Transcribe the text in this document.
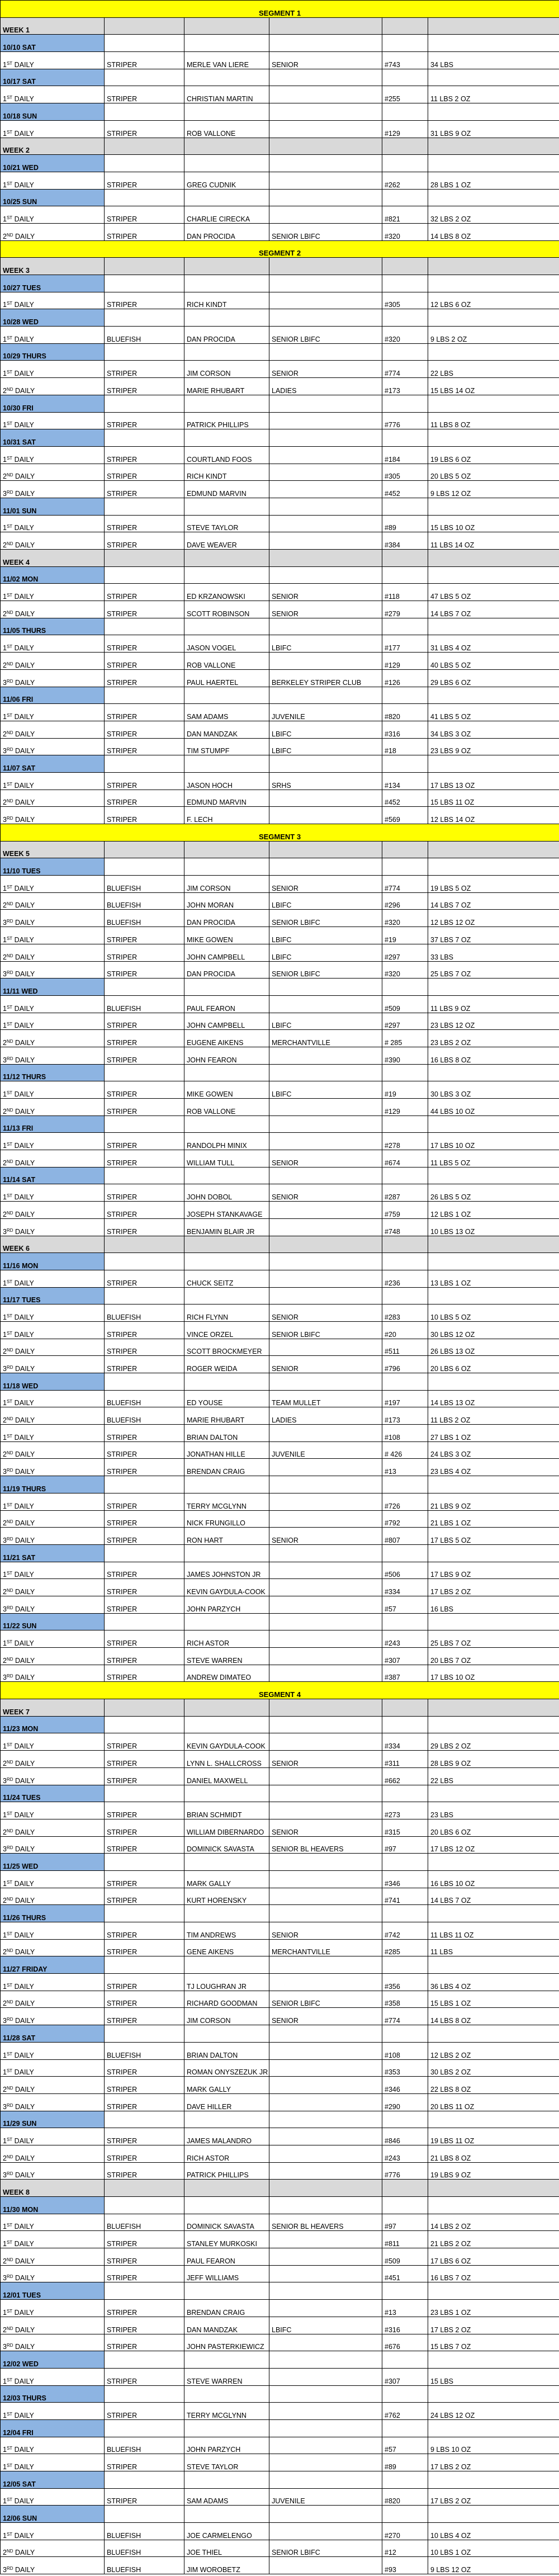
SEGMENT 1					
WEEK 1					
10/10 SAT					
1ST DAILY	STRIPER	MERLE VAN LIERE	SENIOR	#743	34 LBS
10/17 SAT					
1ST DAILY	STRIPER	CHRISTIAN MARTIN		#255	11 LBS 2 OZ
10/18 SUN					
1ST DAILY	STRIPER	ROB VALLONE		#129	31 LBS 9 OZ
WEEK 2					
10/21 WED					
1ST DAILY	STRIPER	GREG CUDNIK		#262	28 LBS 1 OZ
10/25 SUN					
1ST DAILY	STRIPER	CHARLIE CIRECKA		#821	32 LBS 2 OZ
2ND DAILY	STRIPER	DAN PROCIDA	SENIOR LBIFC	#320	14 LBS 8 OZ
SEGMENT 2					
WEEK 3					
10/27 TUES					
1ST DAILY	STRIPER	RICH KINDT		#305	12 LBS 6 OZ
10/28 WED					
1ST DAILY	BLUEFISH	DAN PROCIDA	SENIOR LBIFC	#320	9 LBS 2 OZ
10/29 THURS					
1ST DAILY	STRIPER	JIM CORSON	SENIOR	#774	22 LBS
2ND DAILY	STRIPER	MARIE RHUBART	LADIES	#173	15 LBS 14 OZ
10/30 FRI					
1ST DAILY	STRIPER	PATRICK PHILLIPS		#776	11 LBS 8 OZ
10/31 SAT					
1ST DAILY	STRIPER	COURTLAND FOOS		#184	19 LBS 6 OZ
2ND DAILY	STRIPER	RICH KINDT		#305	20 LBS 5 OZ
3RD DAILY	STRIPER	EDMUND MARVIN		#452	9 LBS 12 OZ
11/01 SUN					
1ST DAILY	STRIPER	STEVE TAYLOR		#89	15 LBS 10 OZ
2ND DAILY	STRIPER	DAVE WEAVER		#384	11 LBS 14 OZ
WEEK 4					
11/02 MON					
1ST DAILY	STRIPER	ED KRZANOWSKI	SENIOR	#118	47 LBS 5 OZ
2ND DAILY	STRIPER	SCOTT ROBINSON	SENIOR	#279	14 LBS 7 OZ
11/05 THURS					
1ST DAILY	STRIPER	JASON VOGEL	LBIFC	#177	31 LBS 4 OZ
2ND DAILY	STRIPER	ROB VALLONE		#129	40 LBS 5 OZ
3RD DAILY	STRIPER	PAUL HAERTEL	BERKELEY STRIPER CLUB	#126	29 LBS 6 OZ
11/06 FRI					
1ST DAILY	STRIPER	SAM ADAMS	JUVENILE	#820	41 LBS 5 OZ
2ND DAILY	STRIPER	DAN MANDZAK	LBIFC	#316	34 LBS 3 OZ
3RD DAILY	STRIPER	TIM STUMPF	LBIFC	#18	23 LBS 9 OZ
11/07 SAT					
1ST DAILY	STRIPER	JASON HOCH	SRHS	#134	17 LBS 13 OZ
2ND DAILY	STRIPER	EDMUND MARVIN		#452	15 LBS 11 OZ
3RD DAILY	STRIPER	F. LECH		#569	12 LBS 14 OZ
SEGMENT 3					
WEEK 5					
11/10 TUES					
1ST DAILY	BLUEFISH	JIM CORSON	SENIOR	#774	19 LBS 5 OZ
2ND DAILY	BLUEFISH	JOHN MORAN	LBIFC	#296	14 LBS 7 OZ
3RD DAILY	BLUEFISH	DAN PROCIDA	SENIOR LBIFC	#320	12 LBS 12 OZ
1ST DAILY	STRIPER	MIKE GOWEN	LBIFC	#19	37 LBS 7 OZ
2ND DAILY	STRIPER	JOHN CAMPBELL	LBIFC	#297	33 LBS
3RD DAILY	STRIPER	DAN PROCIDA	SENIOR LBIFC	#320	25 LBS 7 OZ
11/11 WED					
1ST DAILY	BLUEFISH	PAUL FEARON		#509	11 LBS 9 OZ
1ST DAILY	STRIPER	JOHN CAMPBELL	LBIFC	#297	23 LBS 12 OZ
2ND DAILY	STRIPER	EUGENE AIKENS	MERCHANTVILLE	# 285	23 LBS 2 OZ
3RD DAILY	STRIPER	JOHN FEARON		#390	16 LBS 8 OZ
11/12 THURS					
1ST DAILY	STRIPER	MIKE GOWEN	LBIFC	#19	30 LBS 3 OZ
2ND DAILY	STRIPER	ROB VALLONE		#129	44 LBS 10 OZ
11/13 FRI					
1ST DAILY	STRIPER	RANDOLPH MINIX		#278	17 LBS 10 OZ
2ND DAILY	STRIPER	WILLIAM TULL	SENIOR	#674	11 LBS 5 OZ
11/14 SAT					
1ST DAILY	STRIPER	JOHN DOBOL	SENIOR	#287	26 LBS 5 OZ
2ND DAILY	STRIPER	JOSEPH STANKAVAGE		#759	12 LBS 1 OZ
3RD DAILY	STRIPER	BENJAMIN BLAIR JR		#748	10 LBS 13 OZ
WEEK 6					
11/16 MON					
1ST DAILY	STRIPER	CHUCK SEITZ		#236	13 LBS 1 OZ
11/17 TUES					
1ST DAILY	BLUEFISH	RICH FLYNN	SENIOR	#283	10 LBS 5 OZ
1ST DAILY	STRIPER	VINCE ORZEL	SENIOR LBIFC	#20	30 LBS 12 OZ
2ND DAILY	STRIPER	SCOTT BROCKMEYER		#511	26 LBS 13 OZ
3RD DAILY	STRIPER	ROGER WEIDA	SENIOR	#796	20 LBS 6 OZ
11/18 WED					
1ST DAILY	BLUEFISH	ED YOUSE	TEAM MULLET	#197	14 LBS 13 OZ
2ND DAILY	BLUEFISH	MARIE RHUBART	LADIES	#173	11 LBS 2 OZ
1ST DAILY	STRIPER	BRIAN DALTON		#108	27 LBS 1 OZ
2ND DAILY	STRIPER	JONATHAN HILLE	JUVENILE	# 426	24 LBS 3 OZ
3RD DAILY	STRIPER	BRENDAN CRAIG		#13	23 LBS 4 OZ
11/19 THURS					
1ST DAILY	STRIPER	TERRY MCGLYNN		#726	21 LBS 9 OZ
2ND DAILY	STRIPER	NICK FRUNGILLO		#792	21 LBS 1 OZ
3RD DAILY	STRIPER	RON HART	SENIOR	#807	17 LBS 5 OZ
11/21 SAT					
1ST DAILY	STRIPER	JAMES JOHNSTON JR		#506	17 LBS 9 OZ
2ND DAILY	STRIPER	KEVIN GAYDULA-COOK		#334	17 LBS 2 OZ
3RD DAILY	STRIPER	JOHN PARZYCH		#57	16 LBS
11/22 SUN					
1ST DAILY	STRIPER	RICH ASTOR		#243	25 LBS 7 OZ
2ND DAILY	STRIPER	STEVE WARREN		#307	20 LBS 7 OZ
3RD DAILY	STRIPER	ANDREW DIMATEO		#387	17 LBS 10 OZ
SEGMENT 4					
WEEK 7					
11/23 MON					
1ST DAILY	STRIPER	KEVIN GAYDULA-COOK		#334	29 LBS 2 OZ
2ND DAILY	STRIPER	LYNN L. SHALLCROSS	SENIOR	#311	28 LBS 9 OZ
3RD DAILY	STRIPER	DANIEL MAXWELL		#662	22 LBS
11/24 TUES					
1ST DAILY	STRIPER	BRIAN SCHMIDT		#273	23 LBS
2ND DAILY	STRIPER	WILLIAM DIBERNARDO	SENIOR	#315	20 LBS 6 OZ
3RD DAILY	STRIPER	DOMINICK SAVASTA	SENIOR BL HEAVERS	#97	17 LBS 12 OZ
11/25 WED					
1ST DAILY	STRIPER	MARK GALLY		#346	16 LBS 10 OZ
2ND DAILY	STRIPER	KURT HORENSKY		#741	14 LBS 7 OZ
11/26 THURS					
1ST DAILY	STRIPER	TIM ANDREWS	SENIOR	#742	11 LBS 11 OZ
2ND DAILY	STRIPER	GENE AIKENS	MERCHANTVILLE	#285	11 LBS
11/27 FRIDAY					
1ST DAILY	STRIPER	TJ LOUGHRAN JR		#356	36 LBS 4 OZ
2ND DAILY	STRIPER	RICHARD GOODMAN	SENIOR LBIFC	#358	15 LBS 1 OZ
3RD DAILY	STRIPER	JIM CORSON	SENIOR	#774	14 LBS 8 OZ
11/28 SAT					
1ST DAILY	BLUEFISH	BRIAN DALTON		#108	12 LBS 2 OZ
1ST DAILY	STRIPER	ROMAN ONYSZEZUK JR		#353	30 LBS 2 OZ
2ND DAILY	STRIPER	MARK GALLY		#346	22 LBS 8 OZ
3RD DAILY	STRIPER	DAVE HILLER		#290	20 LBS 11 OZ
11/29 SUN					
1ST DAILY	STRIPER	JAMES MALANDRO		#846	19 LBS 11 OZ
2ND DAILY	STRIPER	RICH ASTOR		#243	21 LBS 8 OZ
3RD DAILY	STRIPER	PATRICK PHILLIPS		#776	19 LBS 9 OZ
WEEK 8					
11/30 MON					
1ST DAILY	BLUEFISH	DOMINICK SAVASTA	SENIOR BL HEAVERS	#97	14 LBS 2 OZ
1ST DAILY	STRIPER	STANLEY MURKOSKI		#811	21 LBS 2 OZ
2ND DAILY	STRIPER	PAUL FEARON		#509	17 LBS 6 OZ
3RD DAILY	STRIPER	JEFF WILLIAMS		#451	16 LBS 7 OZ
12/01 TUES					
1ST DAILY	STRIPER	BRENDAN CRAIG		#13	23 LBS 1 OZ
2ND DAILY	STRIPER	DAN MANDZAK	LBIFC	#316	17 LBS 2 OZ
3RD DAILY	STRIPER	JOHN PASTERKIEWICZ		#676	15 LBS 7 OZ
12/02 WED					
1ST DAILY	STRIPER	STEVE WARREN		#307	15 LBS
12/03 THURS					
1ST DAILY	STRIPER	TERRY MCGLYNN		#762	24 LBS 12 OZ
12/04 FRI					
1ST DAILY	BLUEFISH	JOHN PARZYCH		#57	9 LBS 10 OZ
1ST DAILY	STRIPER	STEVE TAYLOR		#89	17 LBS 2 OZ
12/05 SAT					
1ST DAILY	STRIPER	SAM ADAMS	JUVENILE	#820	17 LBS 2 OZ
12/06 SUN					
1ST DAILY	BLUEFISH	JOE CARMELENGO		#270	10 LBS 4 OZ
2ND DAILY	BLUEFISH	JOE THIEL	SENIOR LBIFC	#12	10 LBS 1 OZ
3RD DAILY	BLUEFISH	JIM WOROBETZ		#93	9 LBS 12 OZ
